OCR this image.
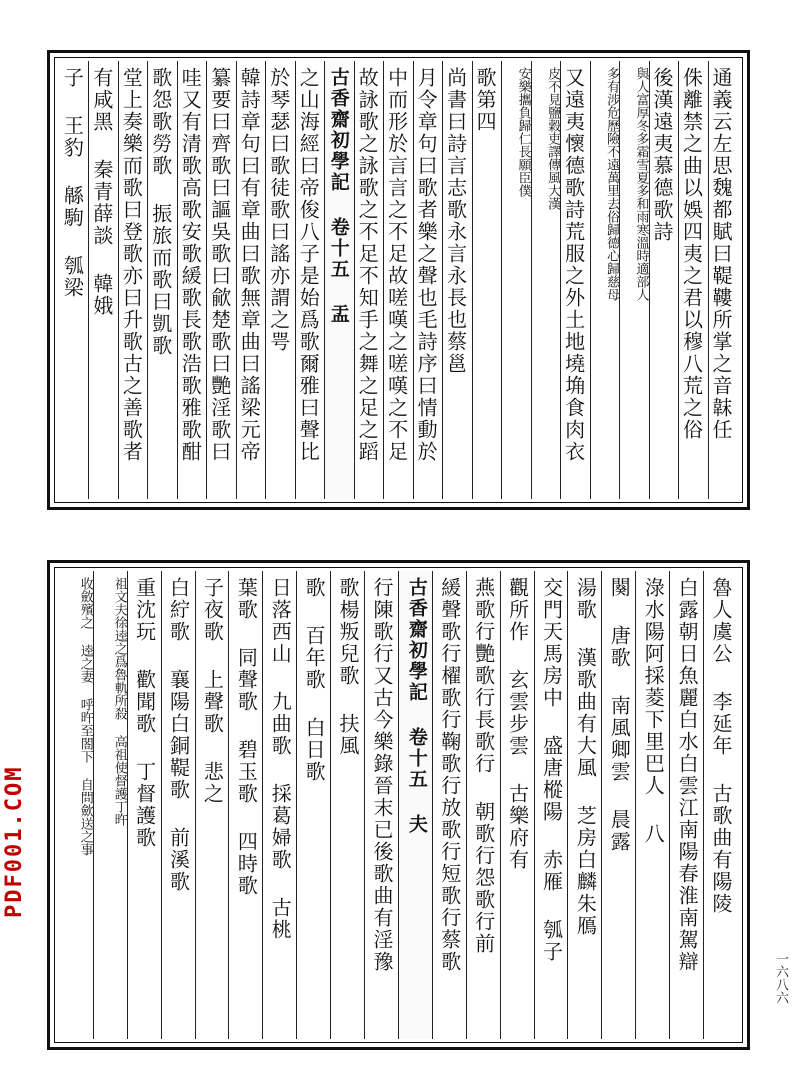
通義云左思魏都賦曰鞮鞻所掌之音韎任
侏離禁之曲以娛四夷之君以穆八荒之俗
後漢遠夷慕德歌詩
與人富厚冬多霜雪夏多和雨寒溫時適部人
多有涉危歷險不遠萬里去俗歸德心歸慈母
又遠夷懷德歌詩荒服之外土地墝埆食肉衣
皮不見鹽穀吏譯傳風大漢
安樂攜負歸仁長願臣僕
歌第四
尚書曰詩言志歌永言永長也蔡邕
月令章句曰歌者樂之聲也毛詩序曰情動於
中而形於言言之不足故嗟嘆之嗟嘆之不足
故詠歌之詠歌之不足不知手之舞之足之蹈
古香齋初學記 卷十五 盂
之山海經曰帝俊八子是始爲歌爾雅曰聲比
於琴瑟曰歌徒歌曰謠亦謂之咢
韓詩章句曰有章曲曰歌無章曲曰謠梁元帝
纂要曰齊歌曰謳吳歌曰歈楚歌曰艷淫歌曰
哇又有清歌高歌安歌緩歌長歌浩歌雅歌酣
歌怨歌勞歌 振旅而歌曰凱歌
堂上奏樂而歌曰登歌亦曰升歌古之善歌者
有咸黑 秦青薛談 韓娥
子 王豹 緜駒 瓠梁
魯人虞公 李延年 古歌曲有陽陵
白露朝日魚麗白水白雲江南陽春淮南駕辯
淥水陽阿採菱下里巴人 八
闋 唐歌 南風卿雲 晨露
湯歌 漢歌曲有大風 芝房白麟朱鴈
交門天馬房中 盛唐樅陽 赤雁 瓠子
觀所作 玄雲步雲 古樂府有
燕歌行艷歌行長歌行 朝歌行怨歌行前
緩聲歌行櫂歌行鞠歌行放歌行短歌行蔡歌
古香齋初學記 卷十五 夫
行陳歌行又古今樂錄晉末已後歌曲有淫豫
歌楊叛兒歌 扶風
歌 百年歌 白日歌
日落西山 九曲歌 採葛婦歌 古桃
葉歌 同聲歌 碧玉歌 四時歌
子夜歌 上聲歌 悲之
白紵歌 襄陽白銅鞮歌 前溪歌
重沈玩 歡聞歌 丁督護歌
祖文夫徐逵之爲魯軌所殺 高祖使督護丁旿
收斂殯之 逵之妻 呼旿至閤下 自問歛送之事
PDF001.COM
一六八六
